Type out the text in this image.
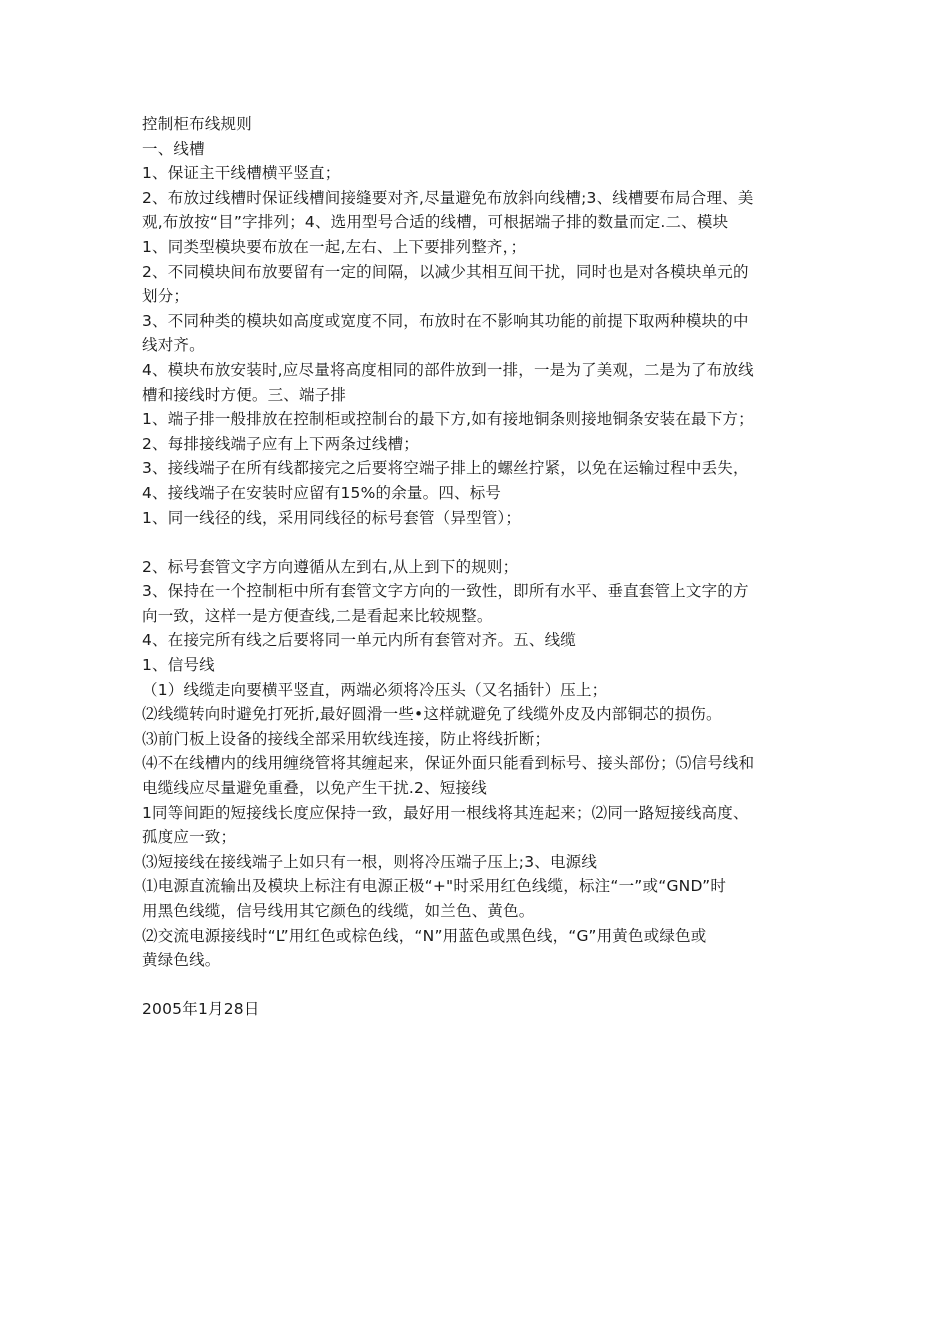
控制柜布线规则

一、线槽

1、保证主干线槽横平竖直；

2、布放过线槽时保证线槽间接缝要对齐,尽量避免布放斜向线槽;3、线槽要布局合理、美

观,布放按“目”字排列；4、选用型号合适的线槽，可根据端子排的数量而定.二、模块

1、同类型模块要布放在一起,左右、上下要排列整齐，；

2、不同模块间布放要留有一定的间隔，以减少其相互间干扰，同时也是对各模块单元的

划分；

3、不同种类的模块如高度或宽度不同，布放时在不影响其功能的前提下取两种模块的中

线对齐。

4、模块布放安装时,应尽量将高度相同的部件放到一排，一是为了美观，二是为了布放线

槽和接线时方便。三、端子排

1、端子排一般排放在控制柜或控制台的最下方,如有接地铜条则接地铜条安装在最下方；

2、每排接线端子应有上下两条过线槽；

3、接线端子在所有线都接完之后要将空端子排上的螺丝拧紧，以免在运输过程中丢失，

4、接线端子在安装时应留有15%的余量。四、标号

1、同一线径的线，采用同线径的标号套管（异型管）；

2、标号套管文字方向遵循从左到右,从上到下的规则；

3、保持在一个控制柜中所有套管文字方向的一致性，即所有水平、垂直套管上文字的方

向一致，这样一是方便查线,二是看起来比较规整。

4、在接完所有线之后要将同一单元内所有套管对齐。五、线缆

1、信号线

（1）线缆走向要横平竖直，两端必须将冷压头（又名插针）压上；

⑵线缆转向时避免打死折,最好圆滑一些•这样就避免了线缆外皮及内部铜芯的损伤。

⑶前门板上设备的接线全部采用软线连接，防止将线折断；

⑷不在线槽内的线用缠绕管将其缠起来，保证外面只能看到标号、接头部份；⑸信号线和

电缆线应尽量避免重叠，以免产生干扰.2、短接线

1同等间距的短接线长度应保持一致，最好用一根线将其连起来；⑵同一路短接线高度、

孤度应一致；

⑶短接线在接线端子上如只有一根，则将冷压端子压上;3、电源线

⑴电源直流输出及模块上标注有电源正极“+"时采用红色线缆，标注“一”或“GND”时

用黑色线缆，信号线用其它颜色的线缆，如兰色、黄色。

⑵交流电源接线时“L”用红色或棕色线，“N”用蓝色或黑色线，“G”用黄色或绿色或

黄绿色线。

2005年1月28日
